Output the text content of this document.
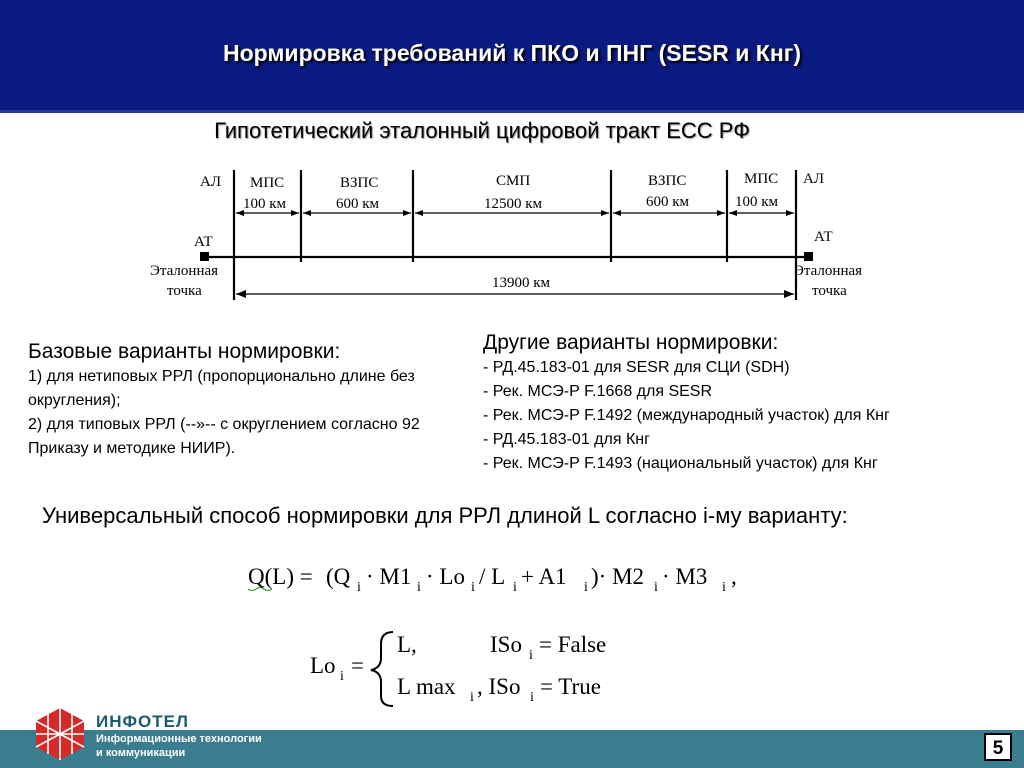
Нормировка требований к ПКО и ПНГ (SESR и Кнг)
Гипотетический эталонный цифровой тракт ЕСС РФ
АЛ МПС	ВЗПС	СМП	ВЗПС	МПС АЛ
100 км	600 км	12500 км	600 км	100 км
АТ	АТ
Эталонная
точка
Эталонная
точка
13900 км
Базовые варианты нормировки:
1) для нетиповых РРЛ (пропорционально длине без округления);
2) для типовых РРЛ (--»-- с округлением согласно 92 Приказу и методике НИИР).
Другие варианты нормировки:
- РД.45.183-01 для SESR для СЦИ (SDH)
- Рек. МСЭ-Р F.1668 для SESR
- Рек. МСЭ-Р F.1492 (международный участок) для Кнг
- РД.45.183-01 для Кнг
- Рек. МСЭ-Р F.1493 (национальный участок) для Кнг
Универсальный способ нормировки для РРЛ длиной L согласно i-му варианту:
Q(L) = (Q i · M1 i · Lo i / L i + A1 i )· M2 i · M3 i ,
Lo i =
L,	ISo i = False
L max i , ISo i = True
ИНФОТЕЛ
Информационные технологии
и коммуникации	5
